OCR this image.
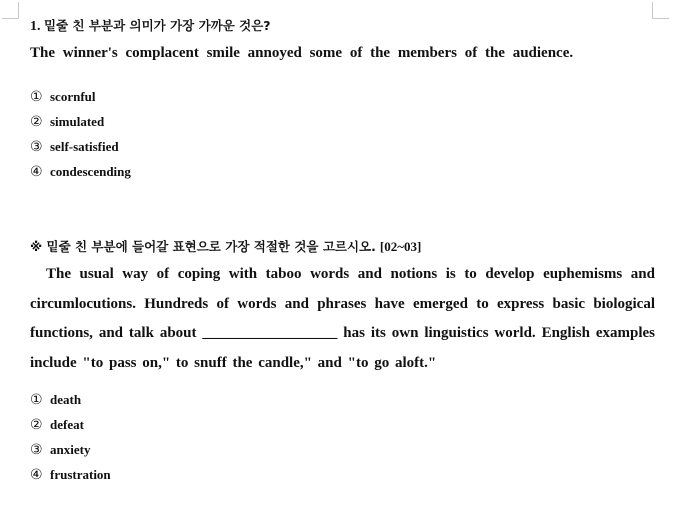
1. 밑줄 친 부분과 의미가 가장 가까운 것은?
The winner's complacent smile annoyed some of the members of the audience.
① scornful
② simulated
③ self-satisfied
④ condescending
※ 밑줄 친 부분에 들어갈 표현으로 가장 적절한 것을 고르시오. [02~03]
The usual way of coping with taboo words and notions is to develop euphemisms and circumlocutions. Hundreds of words and phrases have emerged to express basic biological functions, and talk about __________________ has its own linguistics world. English examples include "to pass on," to snuff the candle," and "to go aloft."
① death
② defeat
③ anxiety
④ frustration
